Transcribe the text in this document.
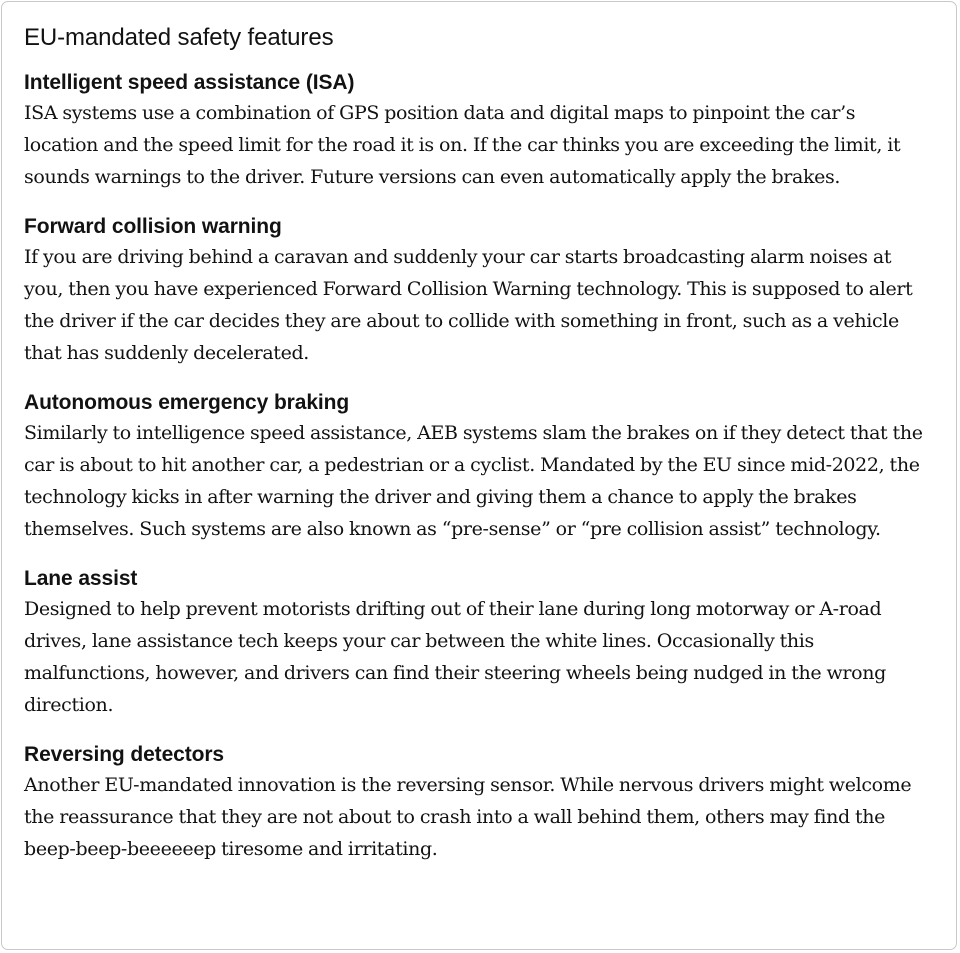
EU-mandated safety features
Intelligent speed assistance (ISA)

ISA systems use a combination of GPS position data and digital maps to pinpoint the car’s location and the speed limit for the road it is on. If the car thinks you are exceeding the limit, it sounds warnings to the driver. Future versions can even automatically apply the brakes.

Forward collision warning

If you are driving behind a caravan and suddenly your car starts broadcasting alarm noises at you, then you have experienced Forward Collision Warning technology. This is supposed to alert the driver if the car decides they are about to collide with something in front, such as a vehicle that has suddenly decelerated.

Autonomous emergency braking

Similarly to intelligence speed assistance, AEB systems slam the brakes on if they detect that the car is about to hit another car, a pedestrian or a cyclist. Mandated by the EU since mid-2022, the technology kicks in after warning the driver and giving them a chance to apply the brakes themselves. Such systems are also known as “pre-sense” or “pre collision assist” technology.

Lane assist

Designed to help prevent motorists drifting out of their lane during long motorway or A-road drives, lane assistance tech keeps your car between the white lines. Occasionally this malfunctions, however, and drivers can find their steering wheels being nudged in the wrong direction.

Reversing detectors

Another EU-mandated innovation is the reversing sensor. While nervous drivers might welcome the reassurance that they are not about to crash into a wall behind them, others may find the beep-beep-beeeeeep tiresome and irritating.
